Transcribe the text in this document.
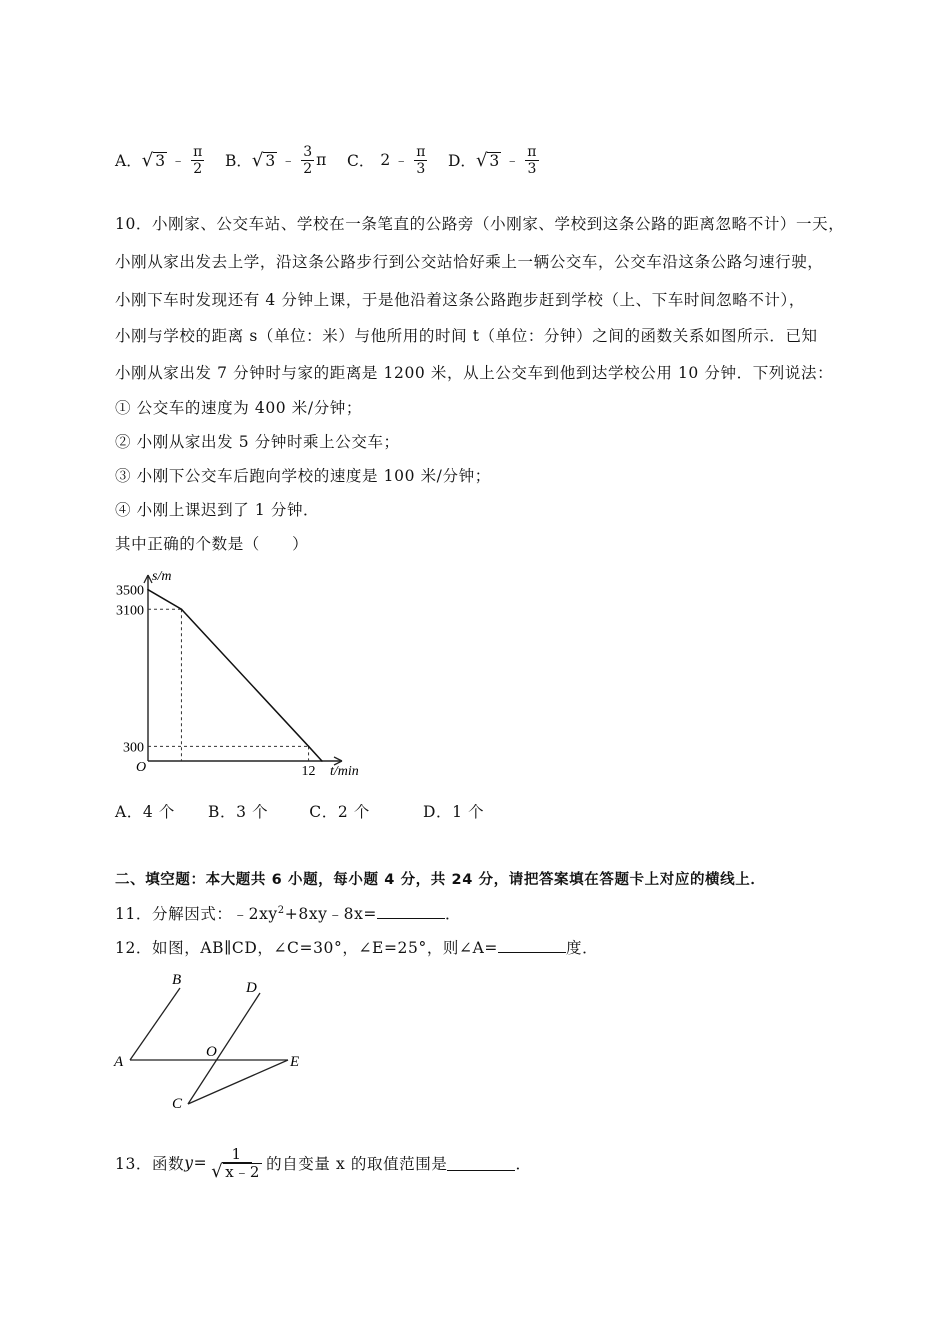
A． √ 3 ﹣ $\frac{\pi}{2}$ B． √ 3 ﹣ $\frac{3}{2}$ π C． 2 ﹣ $\frac{\pi}{3}$ D． √ 3 ﹣ $\frac{\pi}{3}$
10．小刚家、公交车站、学校在一条笔直的公路旁（小刚家、学校到这条公路的距离忽略不计）一天，
小刚从家出发去上学，沿这条公路步行到公交站恰好乘上一辆公交车，公交车沿这条公路匀速行驶，
小刚下车时发现还有 4 分钟上课，于是他沿着这条公路跑步赶到学校（上、下车时间忽略不计），
小刚与学校的距离 s（单位：米）与他所用的时间 t（单位：分钟）之间的函数关系如图所示．已知
小刚从家出发 7 分钟时与家的距离是 1200 米，从上公交车到他到达学校公用 10 分钟．下列说法：
① 公交车的速度为 400 米/分钟；
② 小刚从家出发 5 分钟时乘上公交车；
③ 小刚下公交车后跑向学校的速度是 100 米/分钟；
④ 小刚上课迟到了 1 分钟．
其中正确的个数是（　　）
3500
3100
300
12
O
s/m
t/min
A．4 个 B．3 个	C．2 个	D．1 个
二、填空题：本大题共 6 小题，每小题 4 分，共 24 分，请把答案填在答题卡上对应的横线上．
11．分解因式：$﹣2xy^2+8xy﹣8x=$	．
12．如图，AB∥CD，∠C=30°，∠E=25°，则∠A=	度．
A
B
C
D
E
O
13．函数 $y= \frac{1}{√ x﹣2}$ 的自变量 x 的取值范围是	．
